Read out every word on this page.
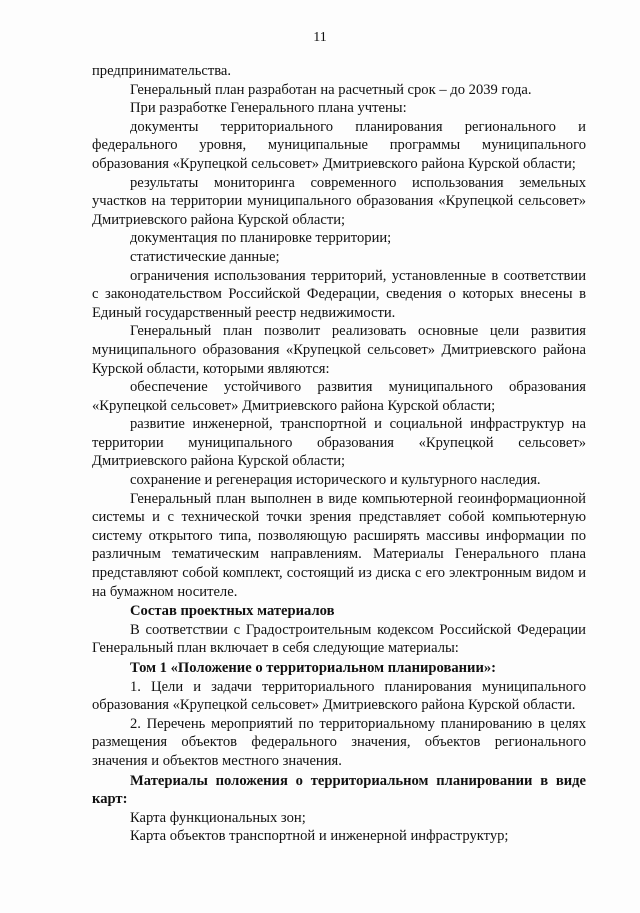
11

предпринимательства.

Генеральный план разработан на расчетный срок – до 2039 года.

При разработке Генерального плана учтены:

документы территориального планирования регионального и федерального уровня, муниципальные программы муниципального образования «Крупецкой сельсовет» Дмитриевского района Курской области;

результаты мониторинга современного использования земельных участков на территории муниципального образования «Крупецкой сельсовет» Дмитриевского района Курской области;

документация по планировке территории;

статистические данные;

ограничения использования территорий, установленные в соответствии с законодательством Российской Федерации, сведения о которых внесены в Единый государственный реестр недвижимости.

Генеральный план позволит реализовать основные цели развития муниципального образования «Крупецкой сельсовет» Дмитриевского района Курской области, которыми являются:

обеспечение устойчивого развития муниципального образования «Крупецкой сельсовет» Дмитриевского района Курской области;

развитие инженерной, транспортной и социальной инфраструктур на территории муниципального образования «Крупецкой сельсовет» Дмитриевского района Курской области;

сохранение и регенерация исторического и культурного наследия.

Генеральный план выполнен в виде компьютерной геоинформационной системы и с технической точки зрения представляет собой компьютерную систему открытого типа, позволяющую расширять массивы информации по различным тематическим направлениям. Материалы Генерального плана представляют собой комплект, состоящий из диска с его электронным видом и на бумажном носителе.

Состав проектных материалов

В соответствии с Градостроительным кодексом Российской Федерации Генеральный план включает в себя следующие материалы:

Том 1 «Положение о территориальном планировании»:

1. Цели и задачи территориального планирования муниципального образования «Крупецкой сельсовет» Дмитриевского района Курской области.

2. Перечень мероприятий по территориальному планированию в целях размещения объектов федерального значения, объектов регионального значения и объектов местного значения.

Материалы положения о территориальном планировании в виде карт:

Карта функциональных зон;

Карта объектов транспортной и инженерной инфраструктур;
